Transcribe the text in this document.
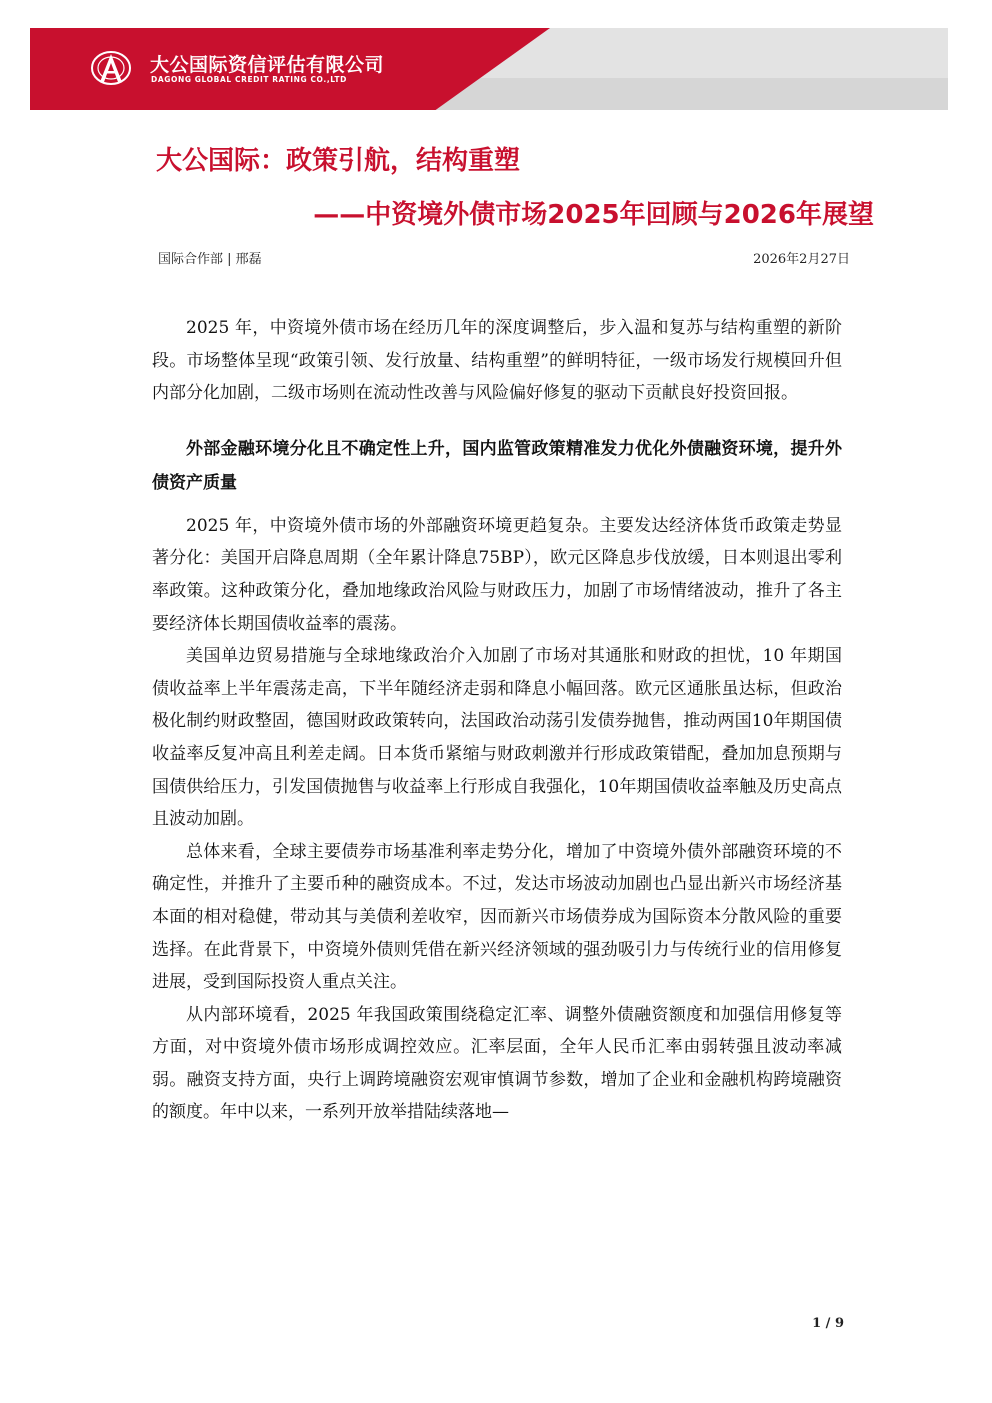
大公国际资信评估有限公司
DAGONG GLOBAL CREDIT RATING CO.,LTD
大公国际：政策引航，结构重塑
——中资境外债市场2025年回顾与2026年展望
国际合作部 | 邢磊	2026年2月27日

2025 年，中资境外债市场在经历几年的深度调整后，步入温和复苏与结构重塑的新阶段。市场整体呈现“政策引领、发行放量、结构重塑”的鲜明特征，一级市场发行规模回升但内部分化加剧，二级市场则在流动性改善与风险偏好修复的驱动下贡献良好投资回报。

外部金融环境分化且不确定性上升，国内监管政策精准发力优化外债融资环境，提升外债资产质量

2025 年，中资境外债市场的外部融资环境更趋复杂。主要发达经济体货币政策走势显著分化：美国开启降息周期（全年累计降息75BP），欧元区降息步伐放缓，日本则退出零利率政策。这种政策分化，叠加地缘政治风险与财政压力，加剧了市场情绪波动，推升了各主要经济体长期国债收益率的震荡。

美国单边贸易措施与全球地缘政治介入加剧了市场对其通胀和财政的担忧，10 年期国债收益率上半年震荡走高，下半年随经济走弱和降息小幅回落。欧元区通胀虽达标，但政治极化制约财政整固，德国财政政策转向，法国政治动荡引发债券抛售，推动两国10年期国债收益率反复冲高且利差走阔。日本货币紧缩与财政刺激并行形成政策错配，叠加加息预期与国债供给压力，引发国债抛售与收益率上行形成自我强化，10年期国债收益率触及历史高点且波动加剧。

总体来看，全球主要债券市场基准利率走势分化，增加了中资境外债外部融资环境的不确定性，并推升了主要币种的融资成本。不过，发达市场波动加剧也凸显出新兴市场经济基本面的相对稳健，带动其与美债利差收窄，因而新兴市场债券成为国际资本分散风险的重要选择。在此背景下，中资境外债则凭借在新兴经济领域的强劲吸引力与传统行业的信用修复进展，受到国际投资人重点关注。

从内部环境看，2025 年我国政策围绕稳定汇率、调整外债融资额度和加强信用修复等方面，对中资境外债市场形成调控效应。汇率层面，全年人民币汇率由弱转强且波动率减弱。融资支持方面，央行上调跨境融资宏观审慎调节参数，增加了企业和金融机构跨境融资的额度。年中以来，一系列开放举措陆续落地—

1 / 9
